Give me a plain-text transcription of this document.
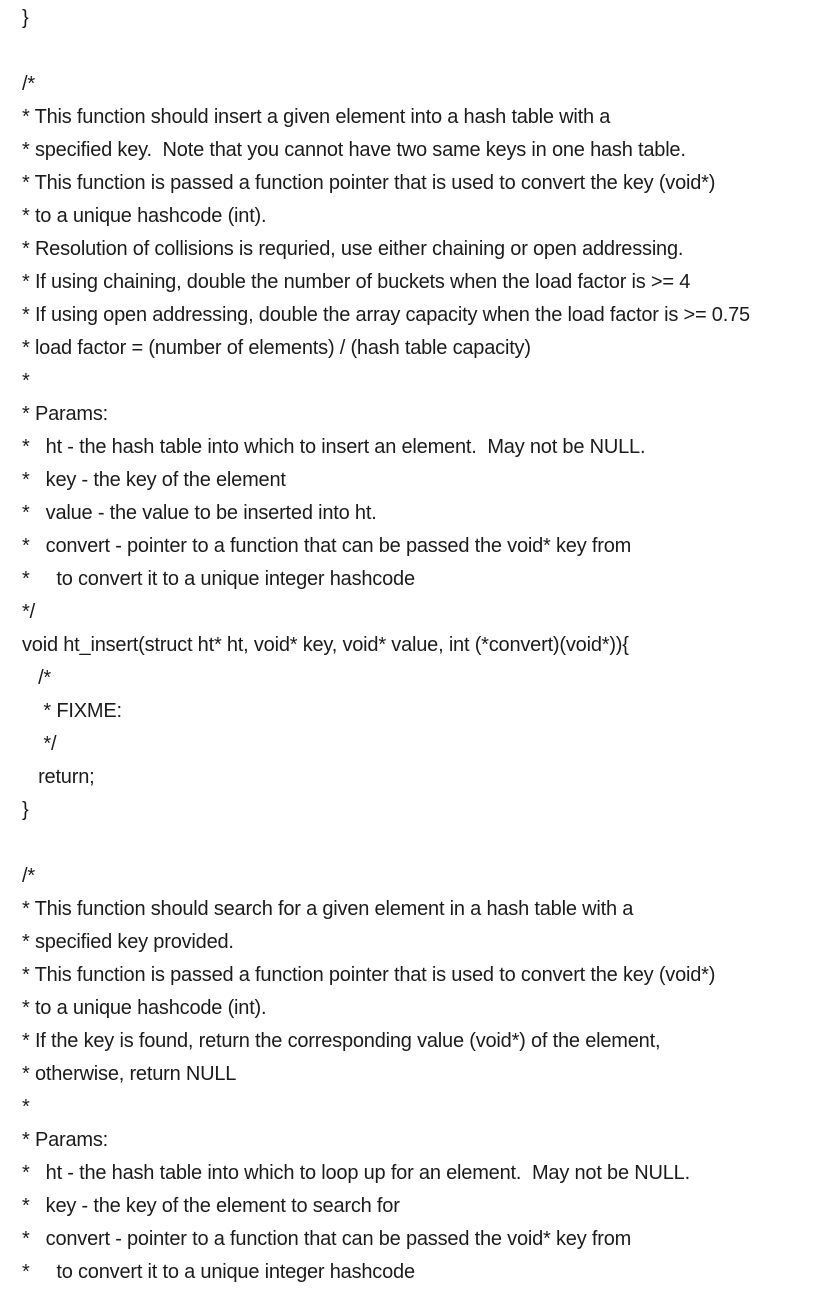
}
/*
* This function should insert a given element into a hash table with a
* specified key.  Note that you cannot have two same keys in one hash table.
* This function is passed a function pointer that is used to convert the key (void*)
* to a unique hashcode (int).
* Resolution of collisions is requried, use either chaining or open addressing.
* If using chaining, double the number of buckets when the load factor is >= 4
* If using open addressing, double the array capacity when the load factor is >= 0.75
* load factor = (number of elements) / (hash table capacity)
*
* Params:
*   ht - the hash table into which to insert an element.  May not be NULL.
*   key - the key of the element
*   value - the value to be inserted into ht.
*   convert - pointer to a function that can be passed the void* key from
*     to convert it to a unique integer hashcode
*/
void ht_insert(struct ht* ht, void* key, void* value, int (*convert)(void*)){
/*
* FIXME:
*/
return;
}
/*
* This function should search for a given element in a hash table with a
* specified key provided.
* This function is passed a function pointer that is used to convert the key (void*)
* to a unique hashcode (int).
* If the key is found, return the corresponding value (void*) of the element,
* otherwise, return NULL
*
* Params:
*   ht - the hash table into which to loop up for an element.  May not be NULL.
*   key - the key of the element to search for
*   convert - pointer to a function that can be passed the void* key from
*     to convert it to a unique integer hashcode
